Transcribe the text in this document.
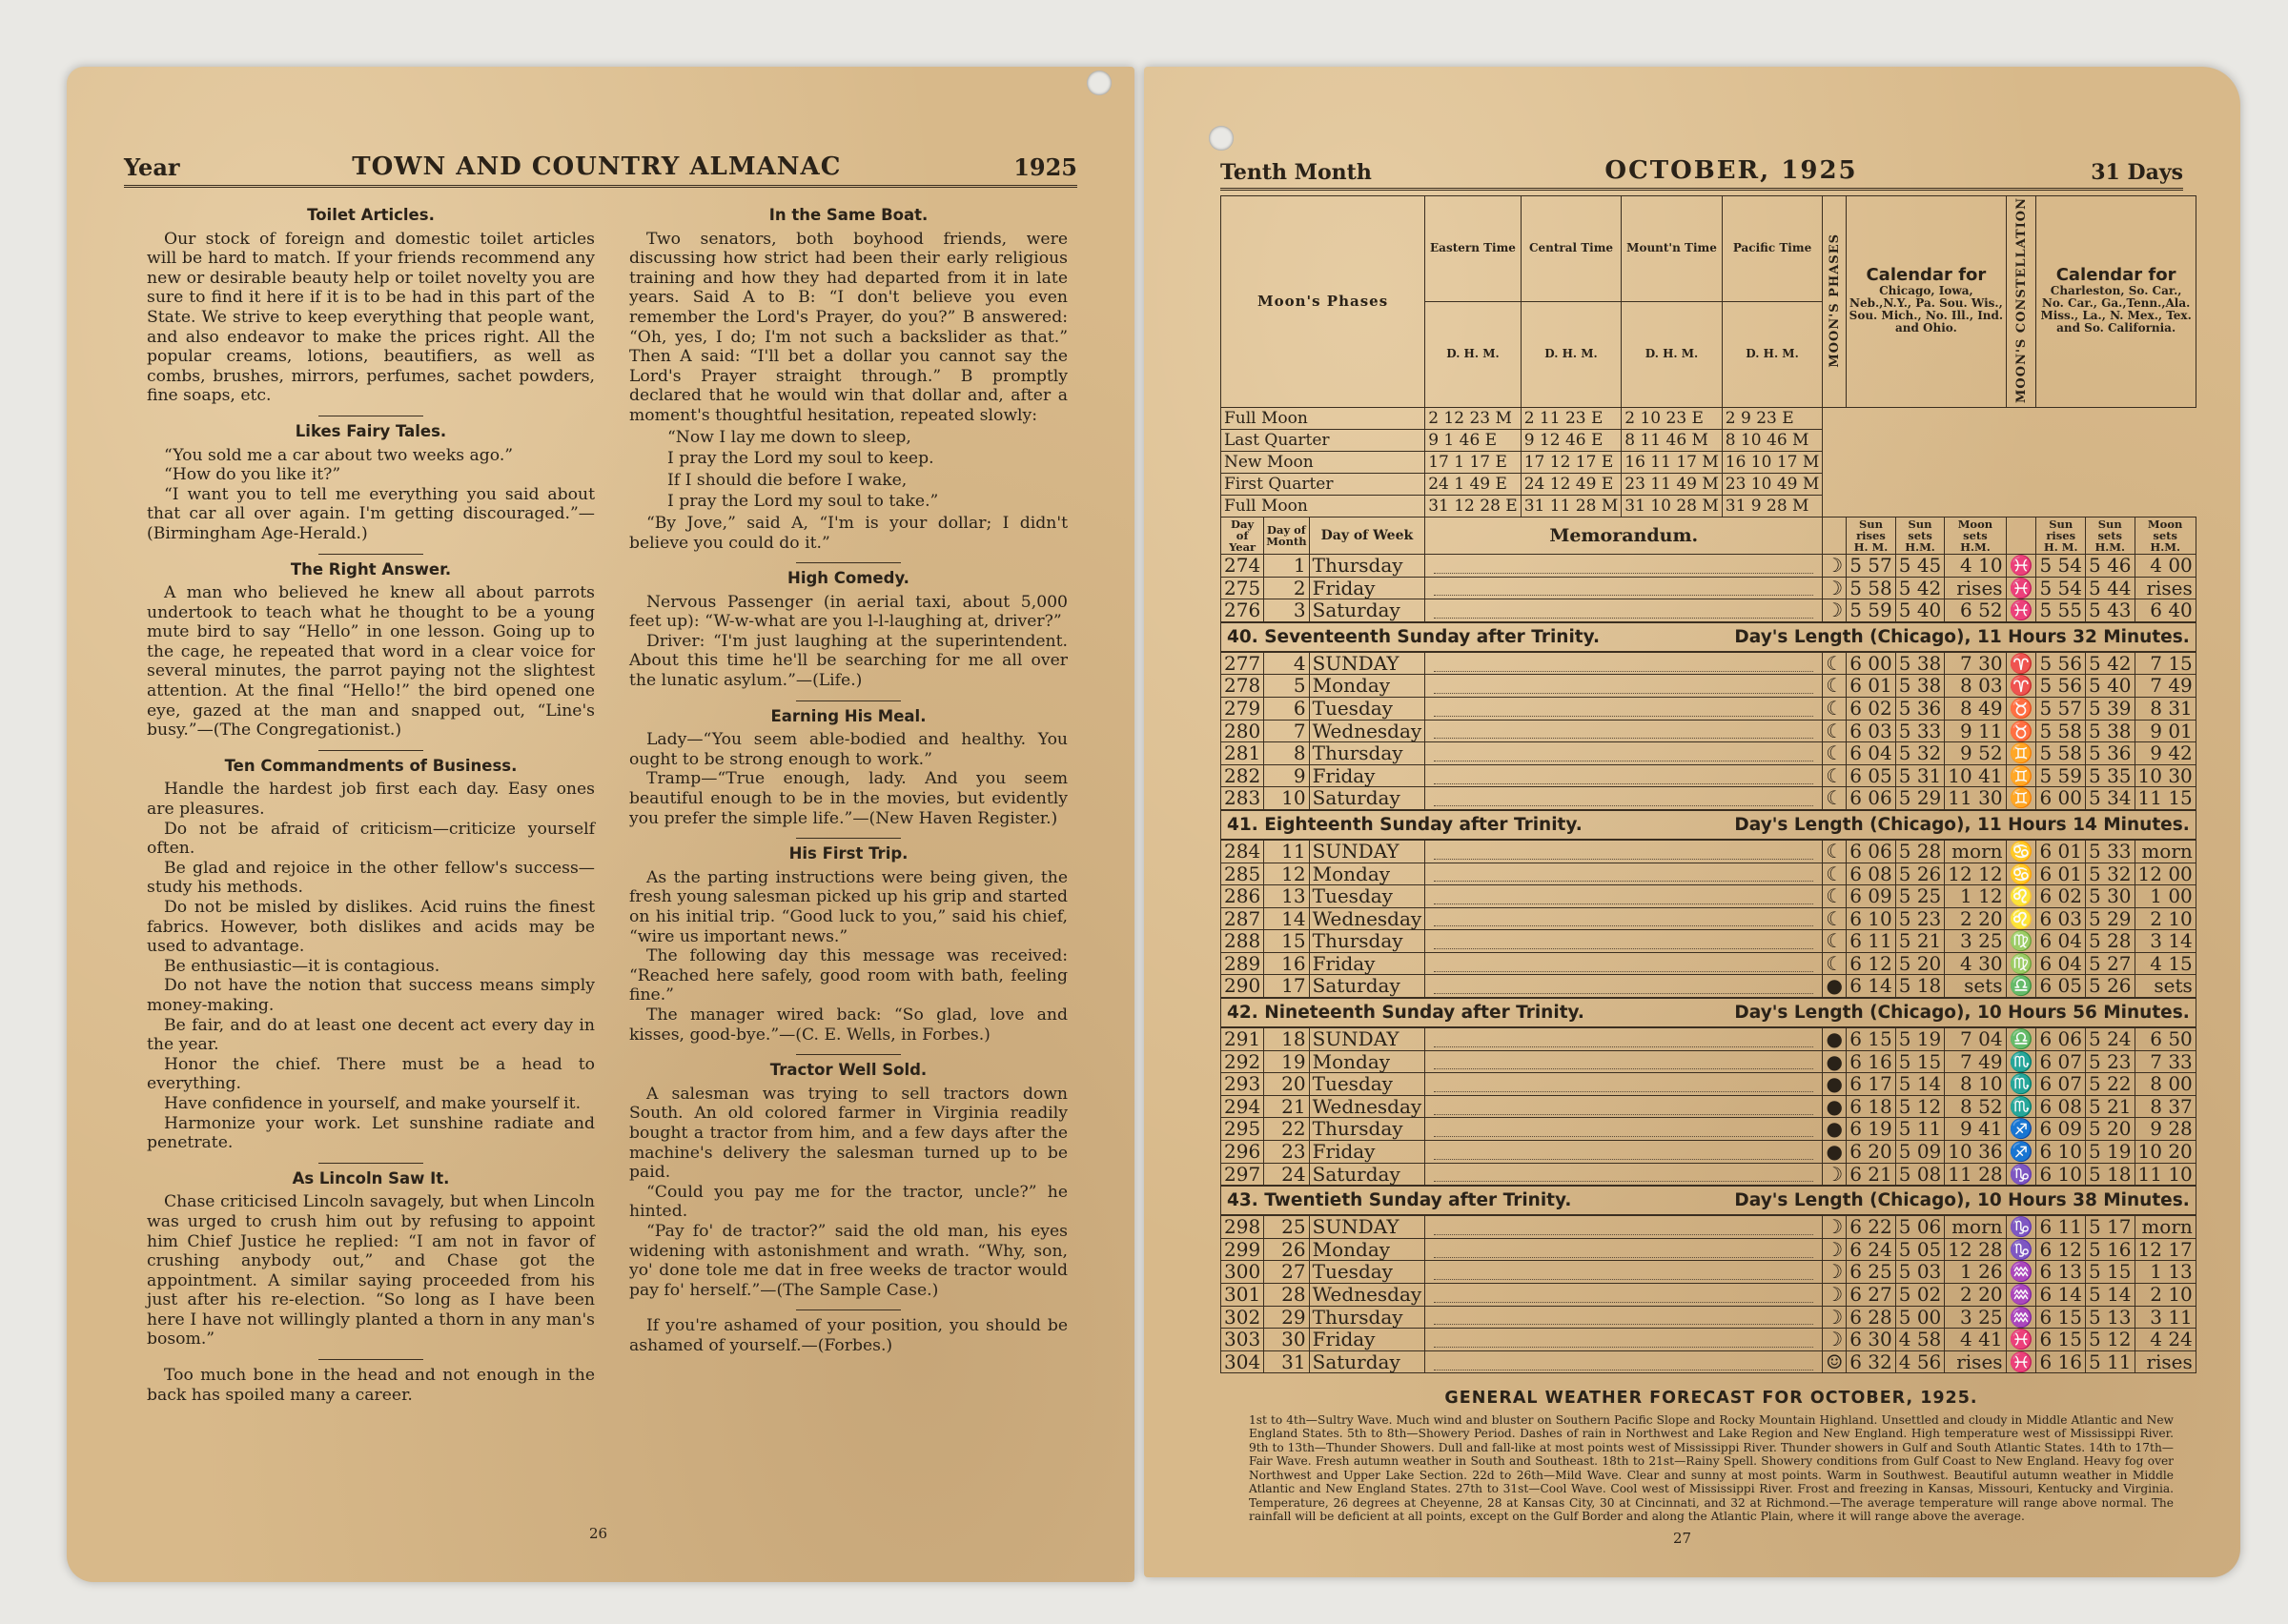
Year	TOWN AND COUNTRY ALMANAC	1925
Toilet Articles.

Our stock of foreign and domestic toilet articles will be hard to match. If your friends recommend any new or desirable beauty help or toilet novelty you are sure to find it here if it is to be had in this part of the State. We strive to keep everything that people want, and also endeavor to make the prices right. All the popular creams, lotions, beautifiers, as well as combs, brushes, mirrors, perfumes, sachet powders, fine soaps, etc.

Likes Fairy Tales.

“You sold me a car about two weeks ago.”

“How do you like it?”

“I want you to tell me everything you said about that car all over again. I'm getting discouraged.”—(Birmingham Age-Herald.)

The Right Answer.

A man who believed he knew all about parrots undertook to teach what he thought to be a young mute bird to say “Hello” in one lesson. Going up to the cage, he repeated that word in a clear voice for several minutes, the parrot paying not the slightest attention. At the final “Hello!” the bird opened one eye, gazed at the man and snapped out, “Line's busy.”—(The Congregationist.)

Ten Commandments of Business.

Handle the hardest job first each day. Easy ones are pleasures.

Do not be afraid of criticism—criticize yourself often.

Be glad and rejoice in the other fellow's success—study his methods.

Do not be misled by dislikes. Acid ruins the finest fabrics. However, both dislikes and acids may be used to advantage.

Be enthusiastic—it is contagious.

Do not have the notion that success means simply money-making.

Be fair, and do at least one decent act every day in the year.

Honor the chief. There must be a head to everything.

Have confidence in yourself, and make yourself it.

Harmonize your work. Let sunshine radiate and penetrate.

As Lincoln Saw It.

Chase criticised Lincoln savagely, but when Lincoln was urged to crush him out by refusing to appoint him Chief Justice he replied: “I am not in favor of crushing anybody out,” and Chase got the appointment. A similar saying proceeded from his just after his re-election. “So long as I have been here I have not willingly planted a thorn in any man's bosom.”

Too much bone in the head and not enough in the back has spoiled many a career.

In the Same Boat.

Two senators, both boyhood friends, were discussing how strict had been their early religious training and how they had departed from it in late years. Said A to B: “I don't believe you even remember the Lord's Prayer, do you?” B answered: “Oh, yes, I do; I'm not such a backslider as that.” Then A said: “I'll bet a dollar you cannot say the Lord's Prayer straight through.” B promptly declared that he would win that dollar and, after a moment's thoughtful hesitation, repeated slowly:

“Now I lay me down to sleep,

I pray the Lord my soul to keep.

If I should die before I wake,

I pray the Lord my soul to take.”

“By Jove,” said A, “I'm is your dollar; I didn't believe you could do it.”

High Comedy.

Nervous Passenger (in aerial taxi, about 5,000 feet up): “W-w-what are you l-l-laughing at, driver?”

Driver: “I'm just laughing at the superintendent. About this time he'll be searching for me all over the lunatic asylum.”—(Life.)

Earning His Meal.

Lady—“You seem able-bodied and healthy. You ought to be strong enough to work.”

Tramp—“True enough, lady. And you seem beautiful enough to be in the movies, but evidently you prefer the simple life.”—(New Haven Register.)

His First Trip.

As the parting instructions were being given, the fresh young salesman picked up his grip and started on his initial trip. “Good luck to you,” said his chief, “wire us important news.”

The following day this message was received: “Reached here safely, good room with bath, feeling fine.”

The manager wired back: “So glad, love and kisses, good-bye.”—(C. E. Wells, in Forbes.)

Tractor Well Sold.

A salesman was trying to sell tractors down South. An old colored farmer in Virginia readily bought a tractor from him, and a few days after the machine's delivery the salesman turned up to be paid.

“Could you pay me for the tractor, uncle?” he hinted.

“Pay fo' de tractor?” said the old man, his eyes widening with astonishment and wrath. “Why, son, yo' done tole me dat in free weeks de tractor would pay fo' herself.”—(The Sample Case.)

If you're ashamed of your position, you should be ashamed of yourself.—(Forbes.)

26
Tenth Month	OCTOBER, 1925	31 Days
Moon's Phases			Eastern Time	Central Time	Mount'n Time	Pacific Time	MOON'S PHASES	Calendar for
Chicago, Iowa, Neb.,N.Y., Pa. Sou. Wis., Sou. Mich., No. Ill., Ind. and Ohio.			MOON'S CONSTELLATION	Calendar for
Charleston, So. Car., No. Car., Ga.,Tenn.,Ala. Miss., La., N. Mex., Tex. and So. California.		
			D. H. M.	D. H. M.	D. H. M.	D. H. M.								
Full Moon			2 12 23 M	2 11 23 E	2 10 23 E	2 9 23 E								
Last Quarter			9 1 46 E	9 12 46 E	8 11 46 M	8 10 46 M								
New Moon			17 1 17 E	17 12 17 E	16 11 17 M	16 10 17 M								
First Quarter			24 1 49 E	24 12 49 E	23 11 49 M	23 10 49 M								
Full Moon			31 12 28 E	31 11 28 M	31 10 28 M	31 9 28 M								
Day of Year	Day of Month	Day of Week	Memorandum.					Sun rises H. M.	Sun sets H.M.	Moon sets H.M.		Sun rises H. M.	Sun sets H.M.	Moon sets H.M.
274	1	Thursday					☽	5 57	5 45	4 10	♓	5 54	5 46	4 00
275	2	Friday					☽	5 58	5 42	rises	♓	5 54	5 44	rises
276	3	Saturday					☽	5 59	5 40	6 52	♓	5 55	5 43	6 40
40. Seventeenth Sunday after Trinity. Day's Length (Chicago), 11 Hours 32 Minutes.														

277	4	SUNDAY					☾	6 00	5 38	7 30	♈	5 56	5 42	7 15
278	5	Monday					☾	6 01	5 38	8 03	♈	5 56	5 40	7 49
279	6	Tuesday					☾	6 02	5 36	8 49	♉	5 57	5 39	8 31
280	7	Wednesday					☾	6 03	5 33	9 11	♉	5 58	5 38	9 01
281	8	Thursday					☾	6 04	5 32	9 52	♊	5 58	5 36	9 42
282	9	Friday					☾	6 05	5 31	10 41	♊	5 59	5 35	10 30
283	10	Saturday					☾	6 06	5 29	11 30	♊	6 00	5 34	11 15
41. Eighteenth Sunday after Trinity. Day's Length (Chicago), 11 Hours 14 Minutes.														

284	11	SUNDAY					☾	6 06	5 28	morn	♋	6 01	5 33	morn
285	12	Monday					☾	6 08	5 26	12 12	♋	6 01	5 32	12 00
286	13	Tuesday					☾	6 09	5 25	1 12	♌	6 02	5 30	1 00
287	14	Wednesday					☾	6 10	5 23	2 20	♌	6 03	5 29	2 10
288	15	Thursday					☾	6 11	5 21	3 25	♍	6 04	5 28	3 14
289	16	Friday					☾	6 12	5 20	4 30	♍	6 04	5 27	4 15
290	17	Saturday					●	6 14	5 18	sets	♎	6 05	5 26	sets
42. Nineteenth Sunday after Trinity. Day's Length (Chicago), 10 Hours 56 Minutes.														

291	18	SUNDAY					●	6 15	5 19	7 04	♎	6 06	5 24	6 50
292	19	Monday					●	6 16	5 15	7 49	♏	6 07	5 23	7 33
293	20	Tuesday					●	6 17	5 14	8 10	♏	6 07	5 22	8 00
294	21	Wednesday					●	6 18	5 12	8 52	♏	6 08	5 21	8 37
295	22	Thursday					●	6 19	5 11	9 41	♐	6 09	5 20	9 28
296	23	Friday					●	6 20	5 09	10 36	♐	6 10	5 19	10 20
297	24	Saturday					☽	6 21	5 08	11 28	♑	6 10	5 18	11 10
43. Twentieth Sunday after Trinity. Day's Length (Chicago), 10 Hours 38 Minutes.														

298	25	SUNDAY					☽	6 22	5 06	morn	♑	6 11	5 17	morn
299	26	Monday					☽	6 24	5 05	12 28	♑	6 12	5 16	12 17
300	27	Tuesday					☽	6 25	5 03	1 26	♒	6 13	5 15	1 13
301	28	Wednesday					☽	6 27	5 02	2 20	♒	6 14	5 14	2 10
302	29	Thursday					☽	6 28	5 00	3 25	♒	6 15	5 13	3 11
303	30	Friday					☽	6 30	4 58	4 41	♓	6 15	5 12	4 24
304	31	Saturday					☺	6 32	4 56	rises	♓	6 16	5 11	rises
GENERAL WEATHER FORECAST FOR OCTOBER, 1925.
1st to 4th—Sultry Wave. Much wind and bluster on Southern Pacific Slope and Rocky Mountain Highland. Unsettled and cloudy in Middle Atlantic and New England States. 5th to 8th—Showery Period. Dashes of rain in Northwest and Lake Region and New England. High temperature west of Mississippi River. 9th to 13th—Thunder Showers. Dull and fall-like at most points west of Mississippi River. Thunder showers in Gulf and South Atlantic States. 14th to 17th—Fair Wave. Fresh autumn weather in South and Southeast. 18th to 21st—Rainy Spell. Showery conditions from Gulf Coast to New England. Heavy fog over Northwest and Upper Lake Section. 22d to 26th—Mild Wave. Clear and sunny at most points. Warm in Southwest. Beautiful autumn weather in Middle Atlantic and New England States. 27th to 31st—Cool Wave. Cool west of Mississippi River. Frost and freezing in Kansas, Missouri, Kentucky and Virginia. Temperature, 26 degrees at Cheyenne, 28 at Kansas City, 30 at Cincinnati, and 32 at Richmond.—The average temperature will range above normal. The rainfall will be deficient at all points, except on the Gulf Border and along the Atlantic Plain, where it will range above the average.
27
